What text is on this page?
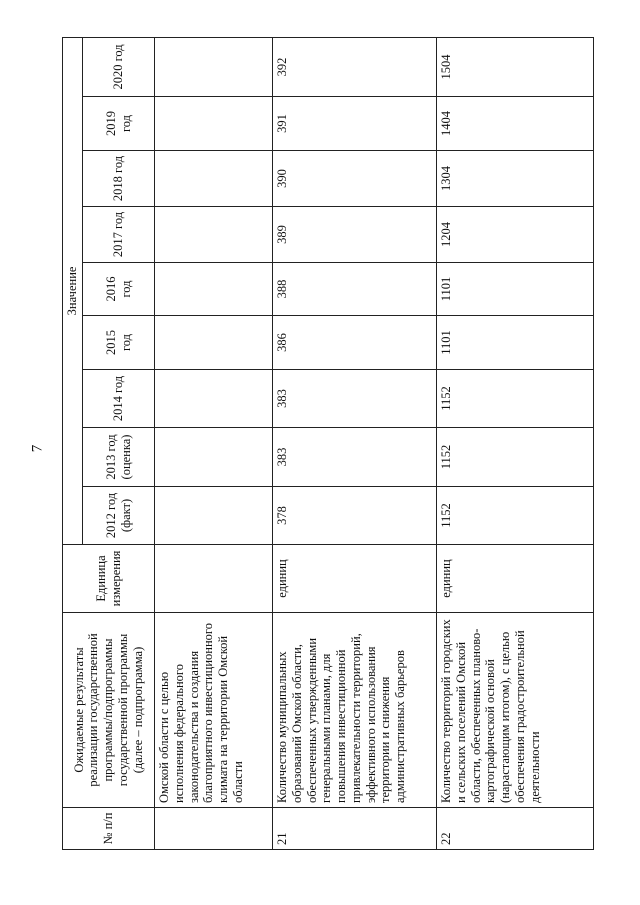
7
№ п/п	Ожидаемые результаты реализации государственной программы/подпрограммы государственной программы (далее – подпрограмма)	Единица измерения	Значение								
			2012 год (факт)	2013 год (оценка)	2014 год	2015 год	2016 год	2017 год	2018 год	2019 год	2020 год
	Омской области с целью исполнения федерального законодательства и создания благоприятного инвестиционного климата на территории Омской области										
21	Количество муниципальных образований Омской области, обеспеченных утвержденными генеральными планами, для повышения инвестиционной привлекательности территорий, эффективного использования территории и снижения административных барьеров	единиц	378	383	383	386	388	389	390	391	392
22	Количество территорий городских и сельских поселений Омской области, обеспеченных планово-картографической основой (нарастающим итогом), с целью обеспечения градостроительной деятельности	единиц	1152	1152	1152	1101	1101	1204	1304	1404	1504
